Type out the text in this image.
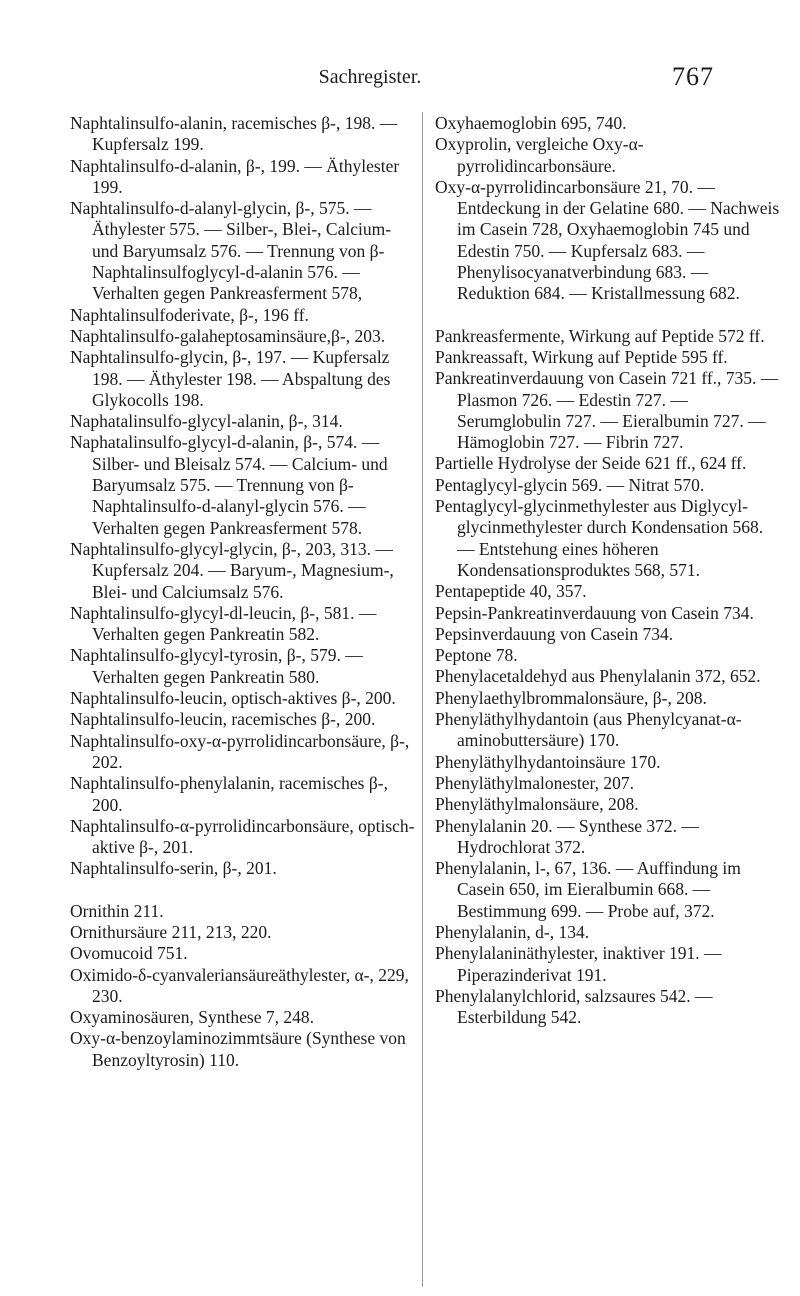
Sachregister.	767

Naphtalinsulfo-alanin, racemisches β-, 198. — Kupfersalz 199.

Naphtalinsulfo-d-alanin, β-, 199. — Äthylester 199.

Naphtalinsulfo-d-alanyl-glycin, β-, 575. — Äthylester 575. — Silber-, Blei-, Calcium- und Baryumsalz 576. — Trennung von β-Naphtalinsulfoglycyl-d-alanin 576. — Verhalten gegen Pankreasferment 578,

Naphtalinsulfoderivate, β-, 196 ff.

Naphtalinsulfo-galaheptosaminsäure,β-, 203.

Naphtalinsulfo-glycin, β-, 197. — Kupfersalz 198. — Äthylester 198. — Abspaltung des Glykocolls 198.

Naphatalinsulfo-glycyl-alanin, β-, 314.

Naphatalinsulfo-glycyl-d-alanin, β-, 574. — Silber- und Bleisalz 574. — Calcium- und Baryumsalz 575. — Trennung von β-Naphtalinsulfo-d-alanyl-glycin 576. — Verhalten gegen Pankreasferment 578.

Naphtalinsulfo-glycyl-glycin, β-, 203, 313. — Kupfersalz 204. — Baryum-, Magnesium-, Blei- und Calciumsalz 576.

Naphtalinsulfo-glycyl-dl-leucin, β-, 581. — Verhalten gegen Pankreatin 582.

Naphtalinsulfo-glycyl-tyrosin, β-, 579. — Verhalten gegen Pankreatin 580.

Naphtalinsulfo-leucin, optisch-aktives β-, 200.

Naphtalinsulfo-leucin, racemisches β-, 200.

Naphtalinsulfo-oxy-α-pyrrolidincarbonsäure, β-, 202.

Naphtalinsulfo-phenylalanin, racemisches β-, 200.

Naphtalinsulfo-α-pyrrolidincarbonsäure, optisch-aktive β-, 201.

Naphtalinsulfo-serin, β-, 201.

Ornithin 211.

Ornithursäure 211, 213, 220.

Ovomucoid 751.

Oximido-δ-cyanvaleriansäureäthylester, α-, 229, 230.

Oxyaminosäuren, Synthese 7, 248.

Oxy-α-benzoylaminozimmtsäure (Synthese von Benzoyltyrosin) 110.

Oxyhaemoglobin 695, 740.

Oxyprolin, vergleiche Oxy-α-pyrrolidincarbonsäure.

Oxy-α-pyrrolidincarbonsäure 21, 70. — Entdeckung in der Gelatine 680. — Nachweis im Casein 728, Oxyhaemoglobin 745 und Edestin 750. — Kupfersalz 683. — Phenylisocyanatverbindung 683. — Reduktion 684. — Kristallmessung 682.

Pankreasfermente, Wirkung auf Peptide 572 ff.

Pankreassaft, Wirkung auf Peptide 595 ff.

Pankreatinverdauung von Casein 721 ff., 735. — Plasmon 726. — Edestin 727. — Serumglobulin 727. — Eieralbumin 727. — Hämoglobin 727. — Fibrin 727.

Partielle Hydrolyse der Seide 621 ff., 624 ff.

Pentaglycyl-glycin 569. — Nitrat 570.

Pentaglycyl-glycinmethylester aus Diglycyl-glycinmethylester durch Kondensation 568. — Entstehung eines höheren Kondensationsproduktes 568, 571.

Pentapeptide 40, 357.

Pepsin-Pankreatinverdauung von Casein 734.

Pepsinverdauung von Casein 734.

Peptone 78.

Phenylacetaldehyd aus Phenylalanin 372, 652.

Phenylaethylbrommalonsäure, β-, 208.

Phenyläthylhydantoin (aus Phenylcyanat-α-aminobuttersäure) 170.

Phenyläthylhydantoinsäure 170.

Phenyläthylmalonester, 207.

Phenyläthylmalonsäure, 208.

Phenylalanin 20. — Synthese 372. — Hydrochlorat 372.

Phenylalanin, l-, 67, 136. — Auffindung im Casein 650, im Eieralbumin 668. — Bestimmung 699. — Probe auf, 372.

Phenylalanin, d-, 134.

Phenylalaninäthylester, inaktiver 191. — Piperazinderivat 191.

Phenylalanylchlorid, salzsaures 542. — Esterbildung 542.
